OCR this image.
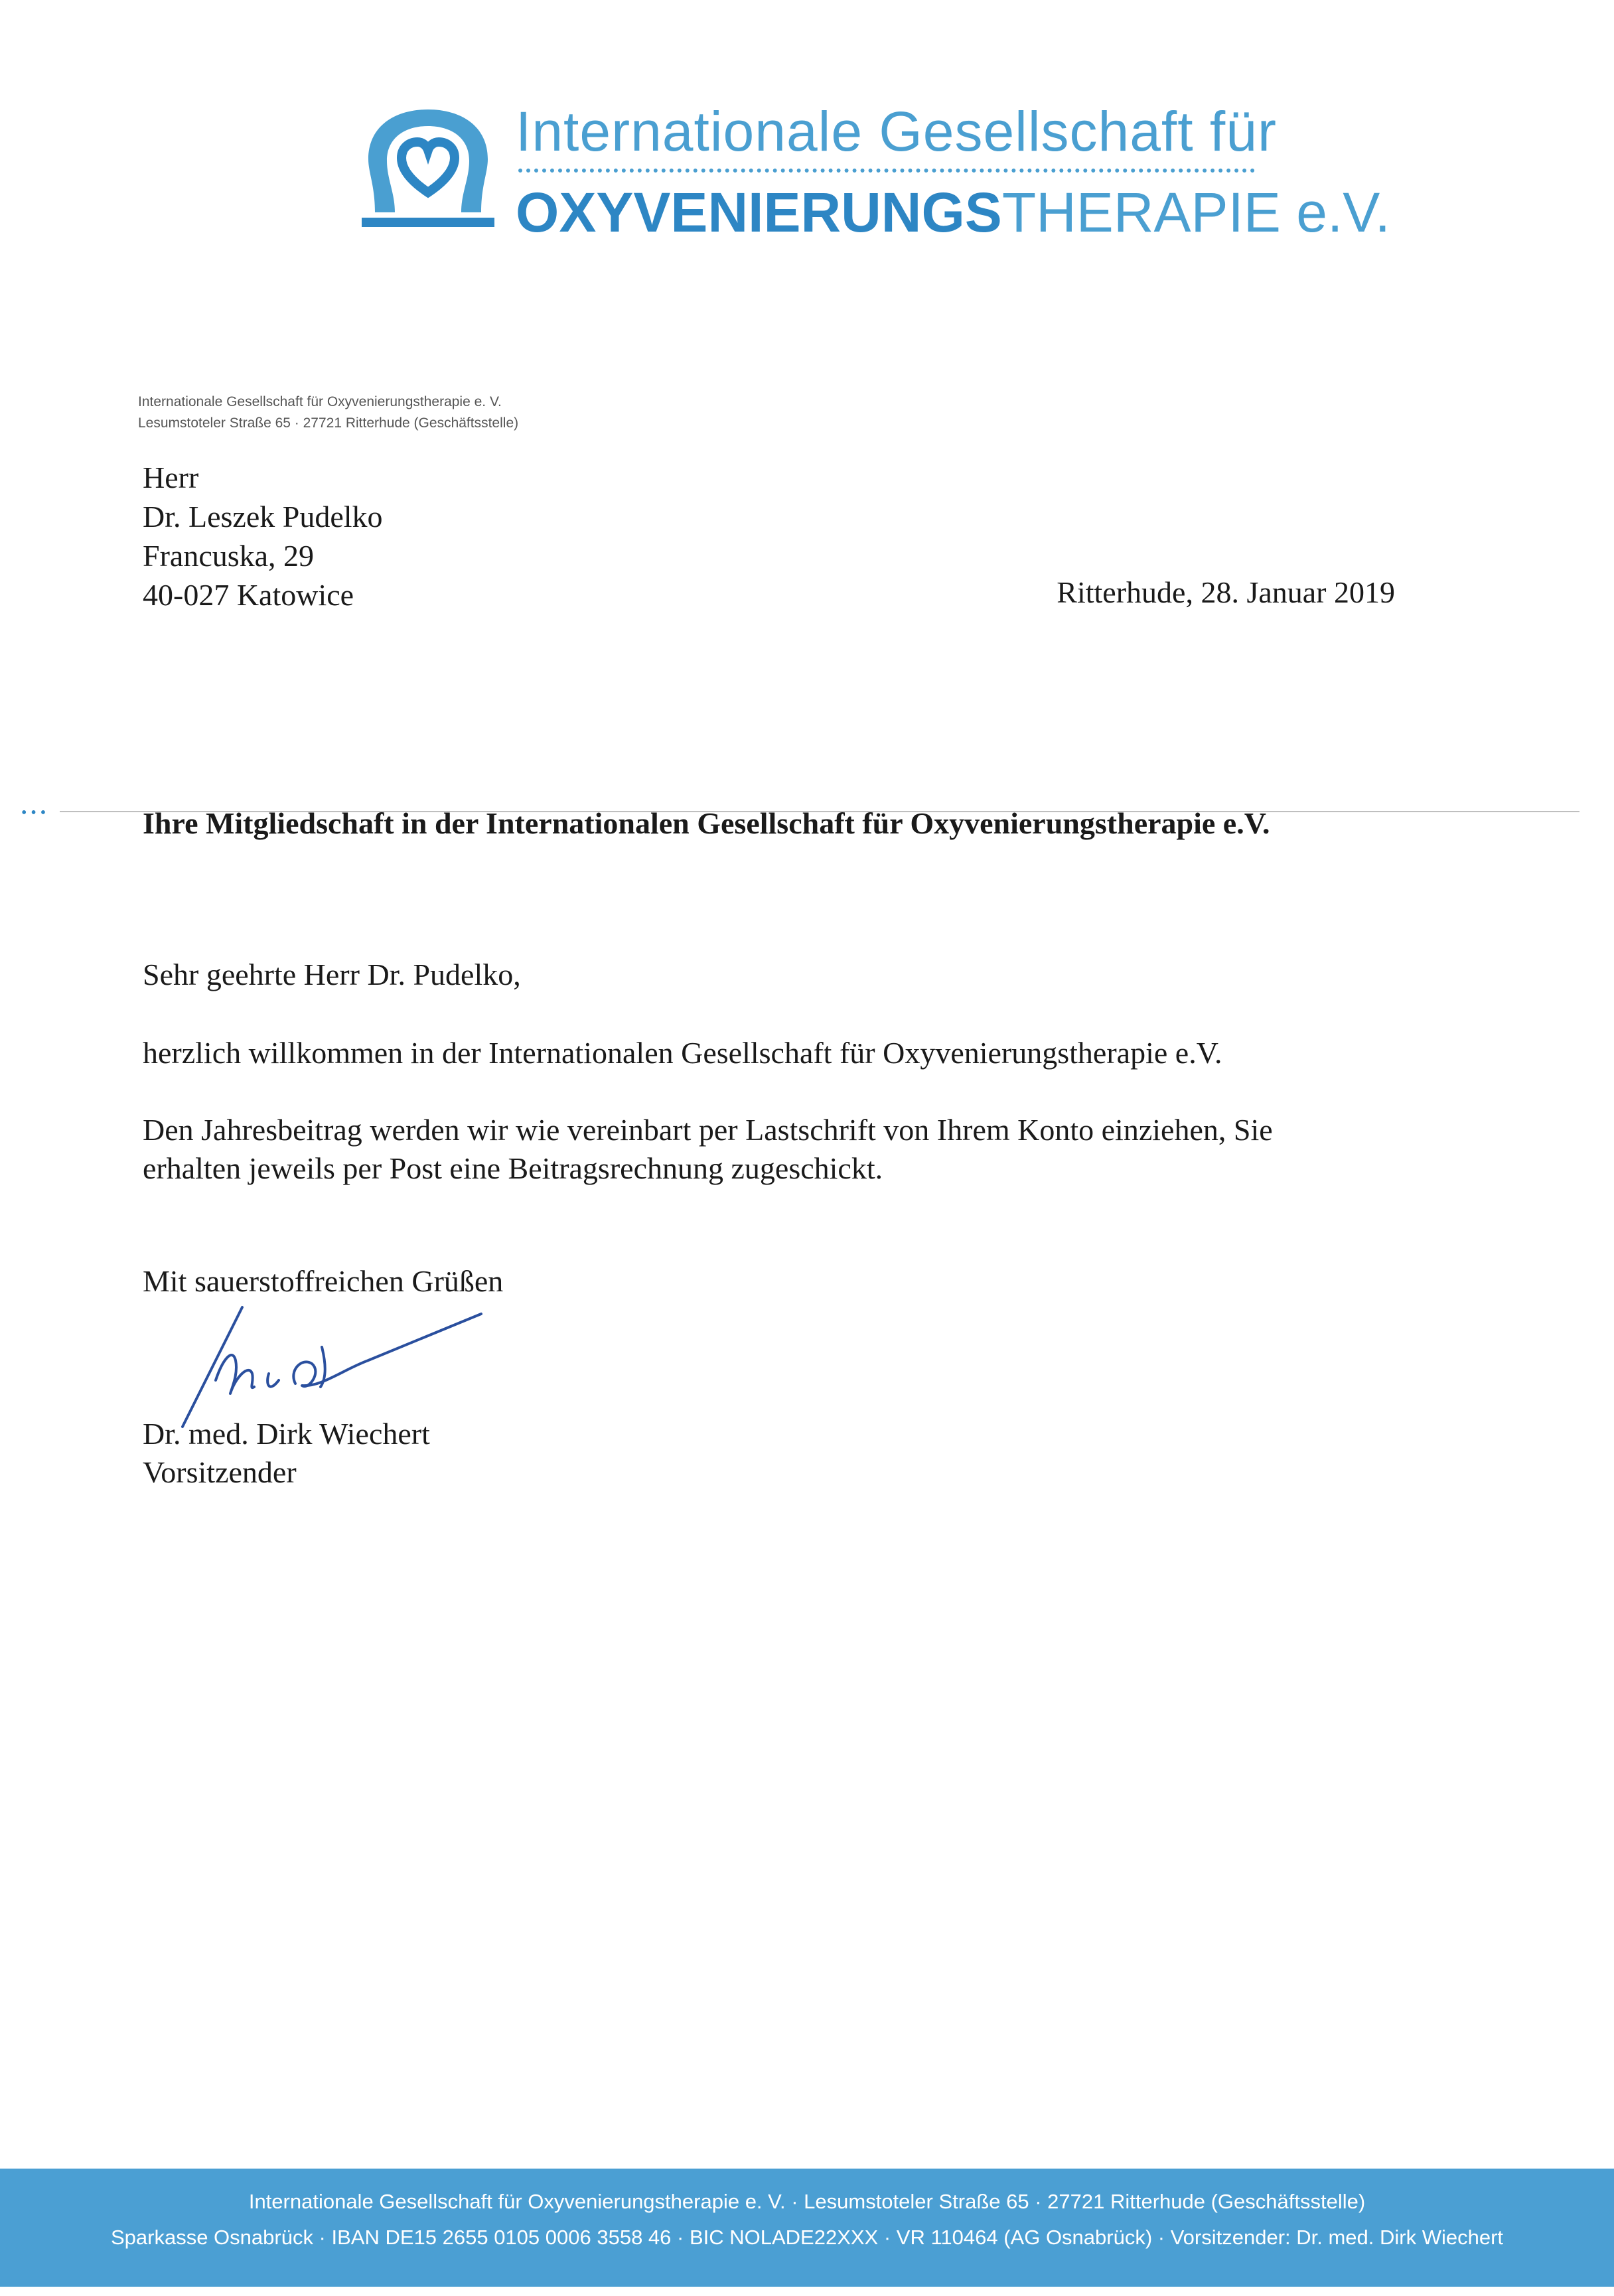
Internationale Gesellschaft für
OXYVENIERUNGSTHERAPIE e.V.
Internationale Gesellschaft für Oxyvenierungstherapie e. V.
Lesumstoteler Straße 65 · 27721 Ritterhude (Geschäftsstelle)
Herr
Dr. Leszek Pudelko
Francuska, 29
40-027 Katowice	Ritterhude, 28. Januar 2019
•••	Ihre Mitgliedschaft in der Internationalen Gesellschaft für Oxyvenierungstherapie e.V.
Sehr geehrte Herr Dr. Pudelko,
herzlich willkommen in der Internationalen Gesellschaft für Oxyvenierungstherapie e.V.
Den Jahresbeitrag werden wir wie vereinbart per Lastschrift von Ihrem Konto einziehen, Sie
erhalten jeweils per Post eine Beitragsrechnung zugeschickt.
Mit sauerstoffreichen Grüßen
Dr. med. Dirk Wiechert
Vorsitzender
Internationale Gesellschaft für Oxyvenierungstherapie e. V. · Lesumstoteler Straße 65 · 27721 Ritterhude (Geschäftsstelle)
Sparkasse Osnabrück · IBAN DE15 2655 0105 0006 3558 46 · BIC NOLADE22XXX · VR 110464 (AG Osnabrück) · Vorsitzender: Dr. med. Dirk Wiechert
